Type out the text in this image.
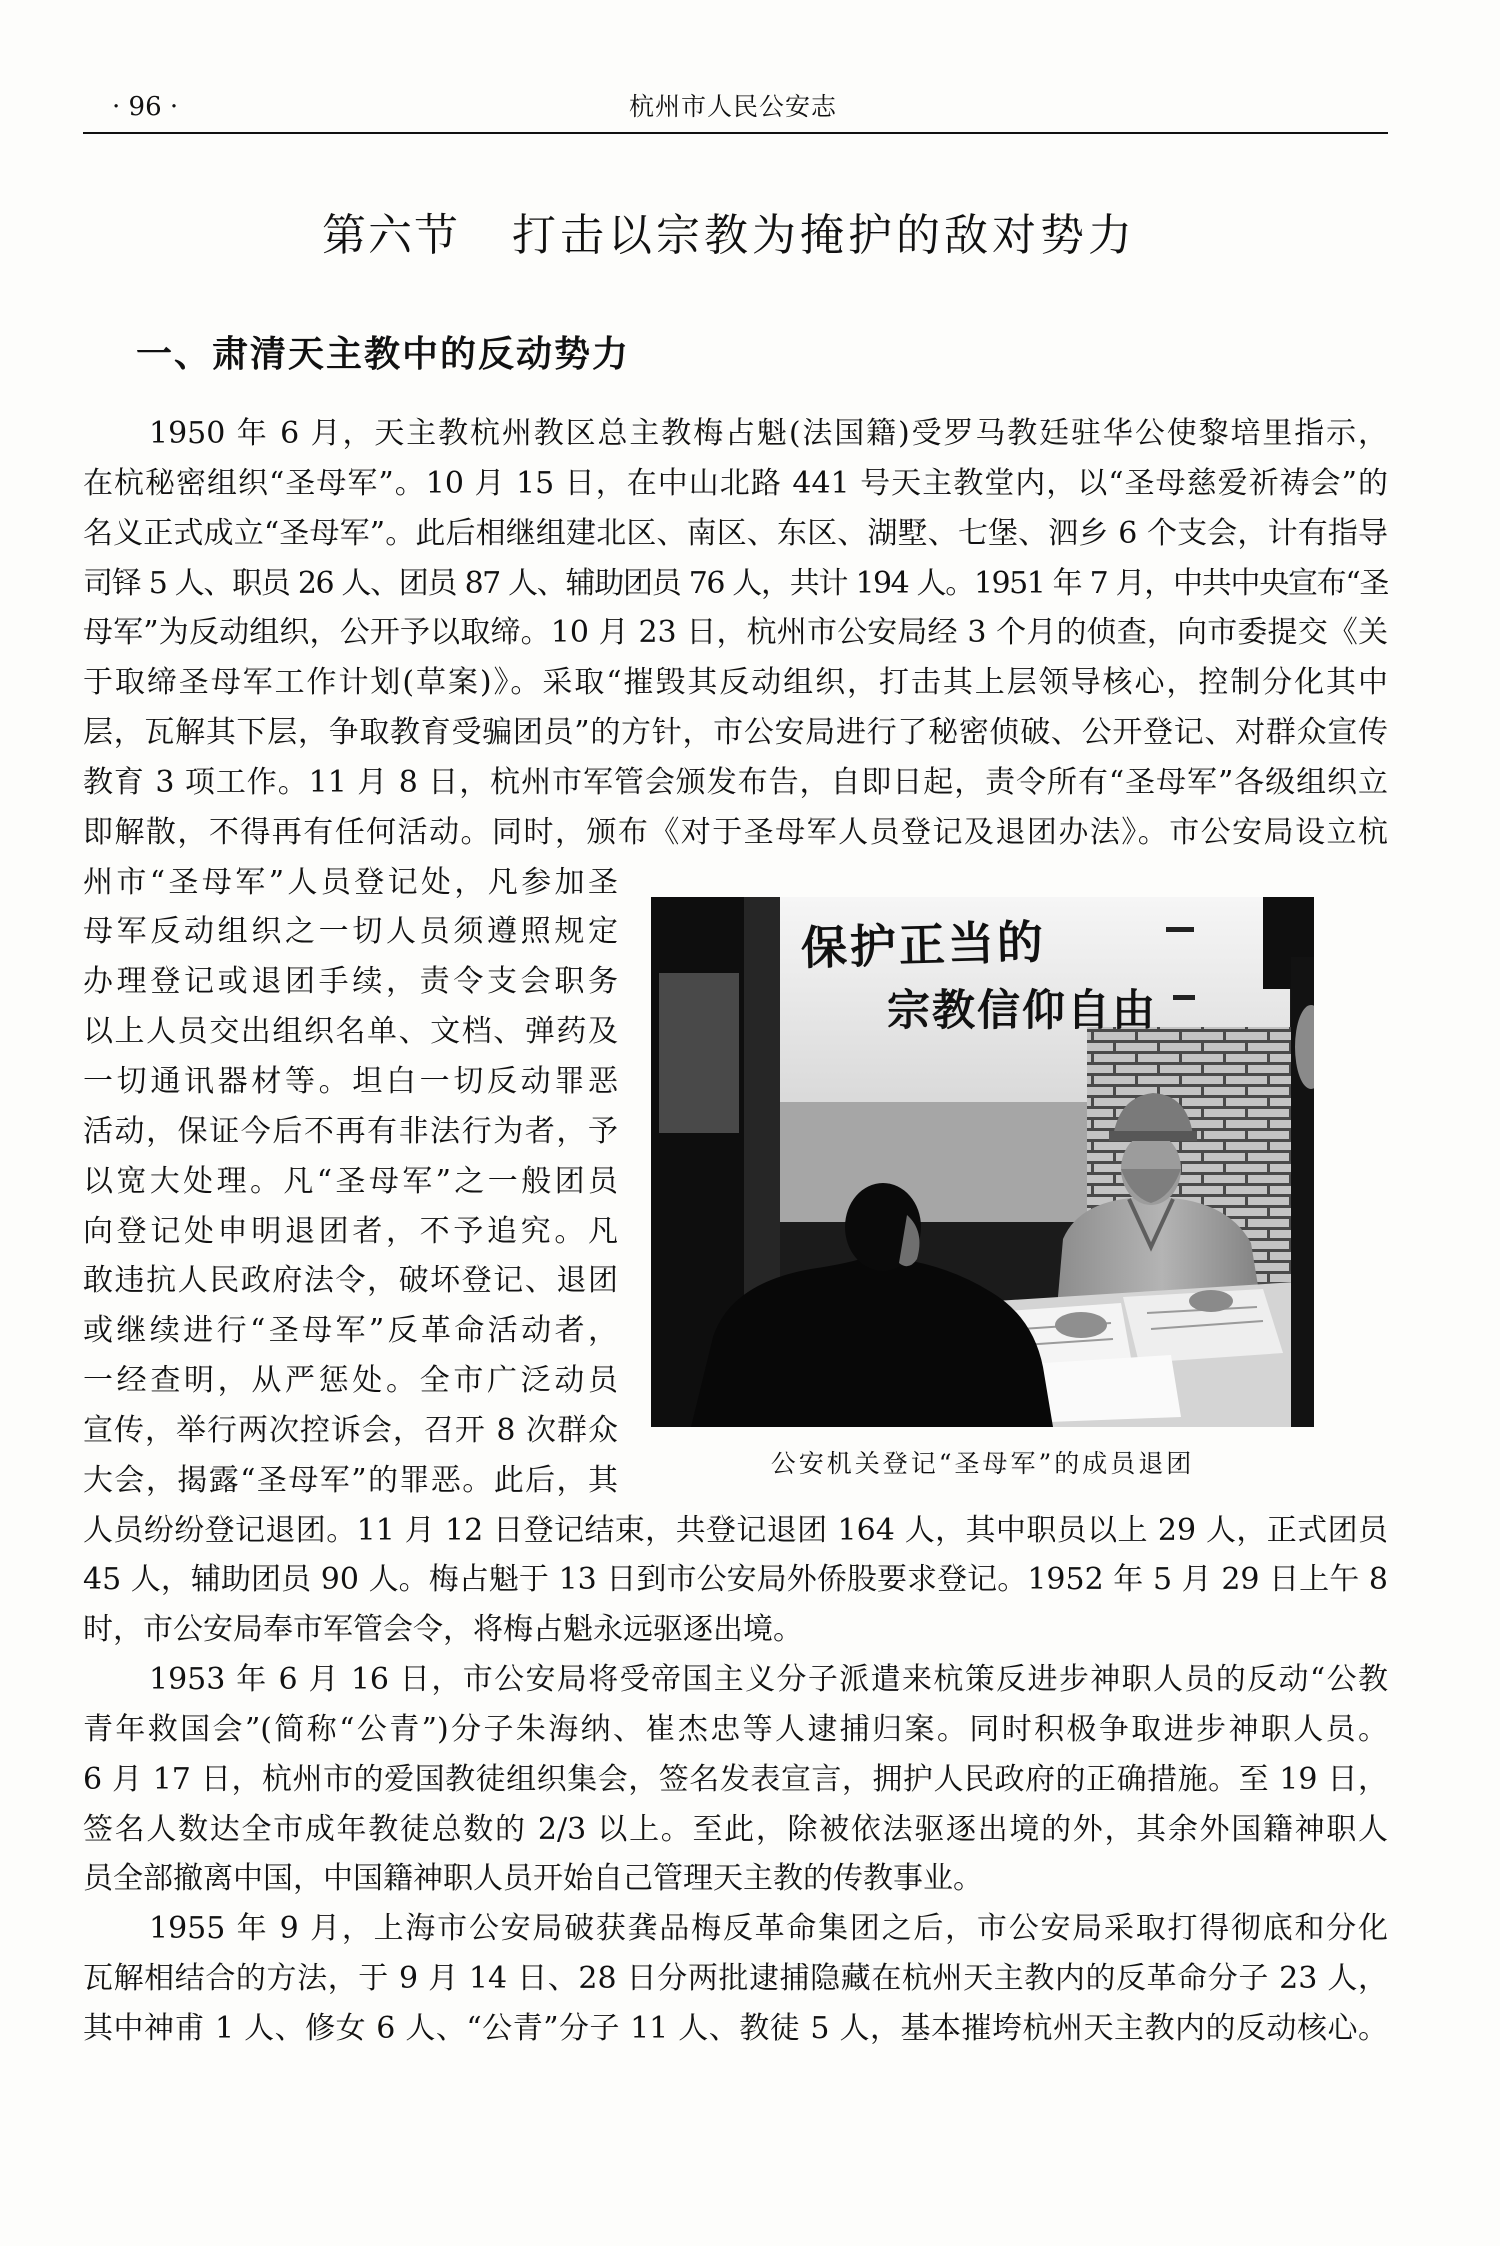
· 96 ·	杭州市人民公安志
第六节 打击以宗教为掩护的敌对势力
一、肃清天主教中的反动势力
1950 年 6 月，天主教杭州教区总主教梅占魁(法国籍)受罗马教廷驻华公使黎培里指示，
在杭秘密组织“圣母军”。10 月 15 日，在中山北路 441 号天主教堂内，以“圣母慈爱祈祷会”的
名义正式成立“圣母军”。此后相继组建北区、南区、东区、湖墅、七堡、泗乡 6 个支会，计有指导
司铎 5 人、职员 26 人、团员 87 人、辅助团员 76 人，共计 194 人。1951 年 7 月，中共中央宣布“圣
母军”为反动组织，公开予以取缔。10 月 23 日，杭州市公安局经 3 个月的侦查，向市委提交《关
于取缔圣母军工作计划(草案)》。采取“摧毁其反动组织，打击其上层领导核心，控制分化其中
层，瓦解其下层，争取教育受骗团员”的方针，市公安局进行了秘密侦破、公开登记、对群众宣传
教育 3 项工作。11 月 8 日，杭州市军管会颁发布告，自即日起，责令所有“圣母军”各级组织立
即解散，不得再有任何活动。同时，颁布《对于圣母军人员登记及退团办法》。市公安局设立杭
州市“圣母军”人员登记处，凡参加圣
母军反动组织之一切人员须遵照规定
办理登记或退团手续，责令支会职务
以上人员交出组织名单、文档、弹药及
一切通讯器材等。坦白一切反动罪恶
活动，保证今后不再有非法行为者，予
以宽大处理。凡“圣母军”之一般团员
向登记处申明退团者，不予追究。凡
敢违抗人民政府法令，破坏登记、退团
或继续进行“圣母军”反革命活动者，
一经查明，从严惩处。全市广泛动员
宣传，举行两次控诉会，召开 8 次群众
大会，揭露“圣母军”的罪恶。此后，其
人员纷纷登记退团。11 月 12 日登记结束，共登记退团 164 人，其中职员以上 29 人，正式团员
45 人，辅助团员 90 人。梅占魁于 13 日到市公安局外侨股要求登记。1952 年 5 月 29 日上午 8
时，市公安局奉市军管会令，将梅占魁永远驱逐出境。
1953 年 6 月 16 日，市公安局将受帝国主义分子派遣来杭策反进步神职人员的反动“公教
青年救国会”(简称“公青”)分子朱海纳、崔杰忠等人逮捕归案。同时积极争取进步神职人员。
6 月 17 日，杭州市的爱国教徒组织集会，签名发表宣言，拥护人民政府的正确措施。至 19 日，
签名人数达全市成年教徒总数的 2/3 以上。至此，除被依法驱逐出境的外，其余外国籍神职人
员全部撤离中国，中国籍神职人员开始自己管理天主教的传教事业。
1955 年 9 月，上海市公安局破获龚品梅反革命集团之后，市公安局采取打得彻底和分化
瓦解相结合的方法，于 9 月 14 日、28 日分两批逮捕隐藏在杭州天主教内的反革命分子 23 人，
其中神甫 1 人、修女 6 人、“公青”分子 11 人、教徒 5 人，基本摧垮杭州天主教内的反动核心。
保护正当的
宗教信仰自由
公安机关登记“圣母军”的成员退团
